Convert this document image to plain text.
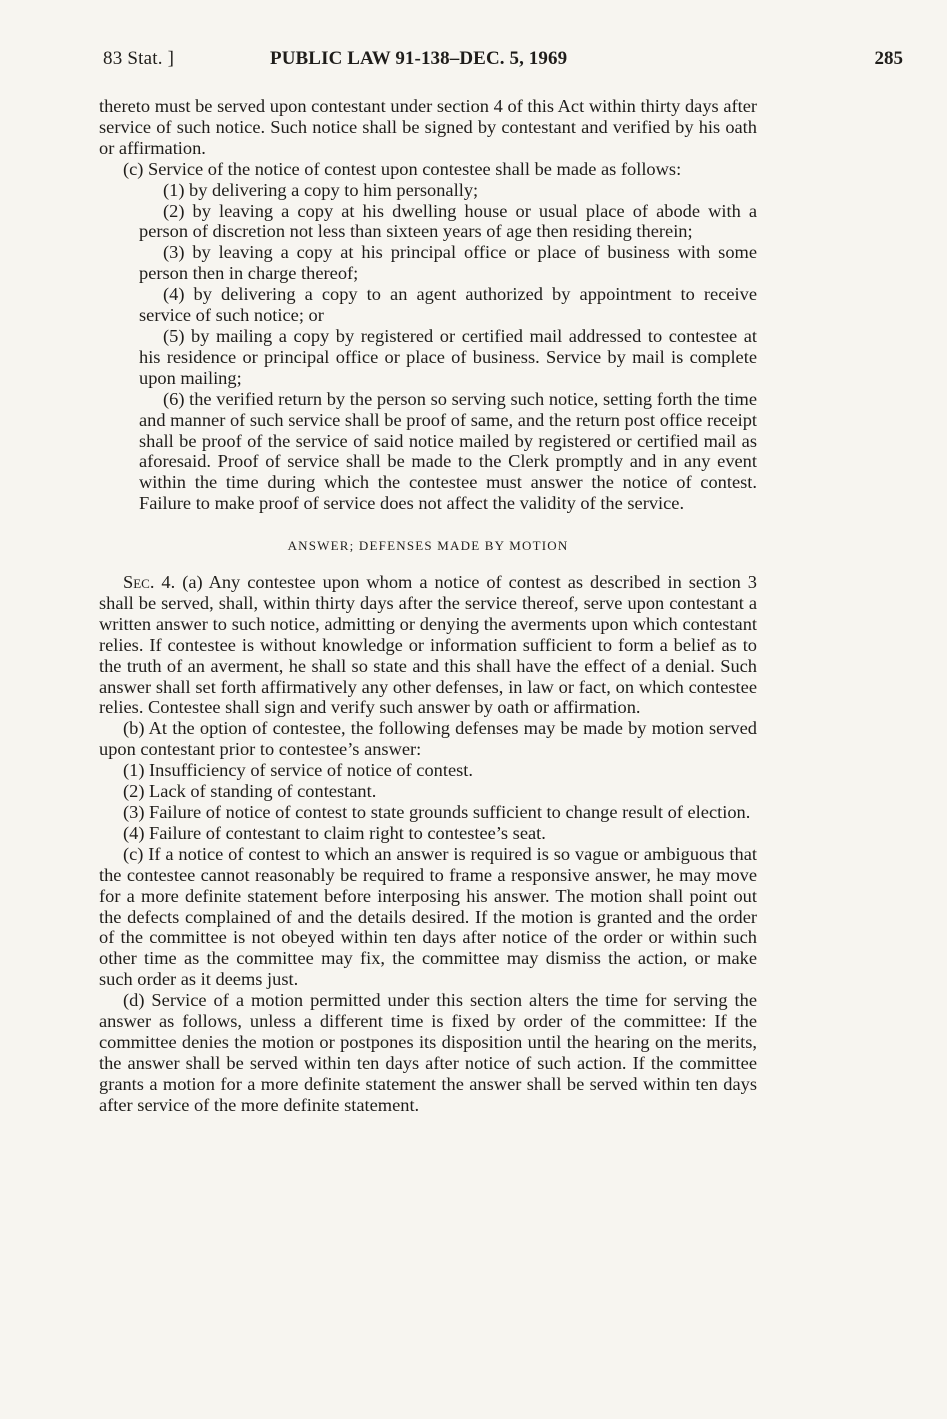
83 Stat. ]	PUBLIC LAW 91-138–DEC. 5, 1969	285

thereto must be served upon contestant under section 4 of this Act within thirty days after service of such notice. Such notice shall be signed by contestant and verified by his oath or affirmation.

(c) Service of the notice of contest upon contestee shall be made as follows:

(1) by delivering a copy to him personally;

(2) by leaving a copy at his dwelling house or usual place of abode with a person of discretion not less than sixteen years of age then residing therein;

(3) by leaving a copy at his principal office or place of business with some person then in charge thereof;

(4) by delivering a copy to an agent authorized by appointment to receive service of such notice; or

(5) by mailing a copy by registered or certified mail addressed to contestee at his residence or principal office or place of business. Service by mail is complete upon mailing;

(6) the verified return by the person so serving such notice, setting forth the time and manner of such service shall be proof of same, and the return post office receipt shall be proof of the service of said notice mailed by registered or certified mail as aforesaid. Proof of service shall be made to the Clerk promptly and in any event within the time during which the contestee must answer the notice of contest. Failure to make proof of service does not affect the validity of the service.

ANSWER; DEFENSES MADE BY MOTION

Sec. 4. (a) Any contestee upon whom a notice of contest as described in section 3 shall be served, shall, within thirty days after the service thereof, serve upon contestant a written answer to such notice, admitting or denying the averments upon which contestant relies. If contestee is without knowledge or information sufficient to form a belief as to the truth of an averment, he shall so state and this shall have the effect of a denial. Such answer shall set forth affirmatively any other defenses, in law or fact, on which contestee relies. Contestee shall sign and verify such answer by oath or affirmation.

(b) At the option of contestee, the following defenses may be made by motion served upon contestant prior to contestee’s answer:

(1) Insufficiency of service of notice of contest.

(2) Lack of standing of contestant.

(3) Failure of notice of contest to state grounds sufficient to change result of election.

(4) Failure of contestant to claim right to contestee’s seat.

(c) If a notice of contest to which an answer is required is so vague or ambiguous that the contestee cannot reasonably be required to frame a responsive answer, he may move for a more definite statement before interposing his answer. The motion shall point out the defects complained of and the details desired. If the motion is granted and the order of the committee is not obeyed within ten days after notice of the order or within such other time as the committee may fix, the committee may dismiss the action, or make such order as it deems just.

(d) Service of a motion permitted under this section alters the time for serving the answer as follows, unless a different time is fixed by order of the committee: If the committee denies the motion or postpones its disposition until the hearing on the merits, the answer shall be served within ten days after notice of such action. If the committee grants a motion for a more definite statement the answer shall be served within ten days after service of the more definite statement.
